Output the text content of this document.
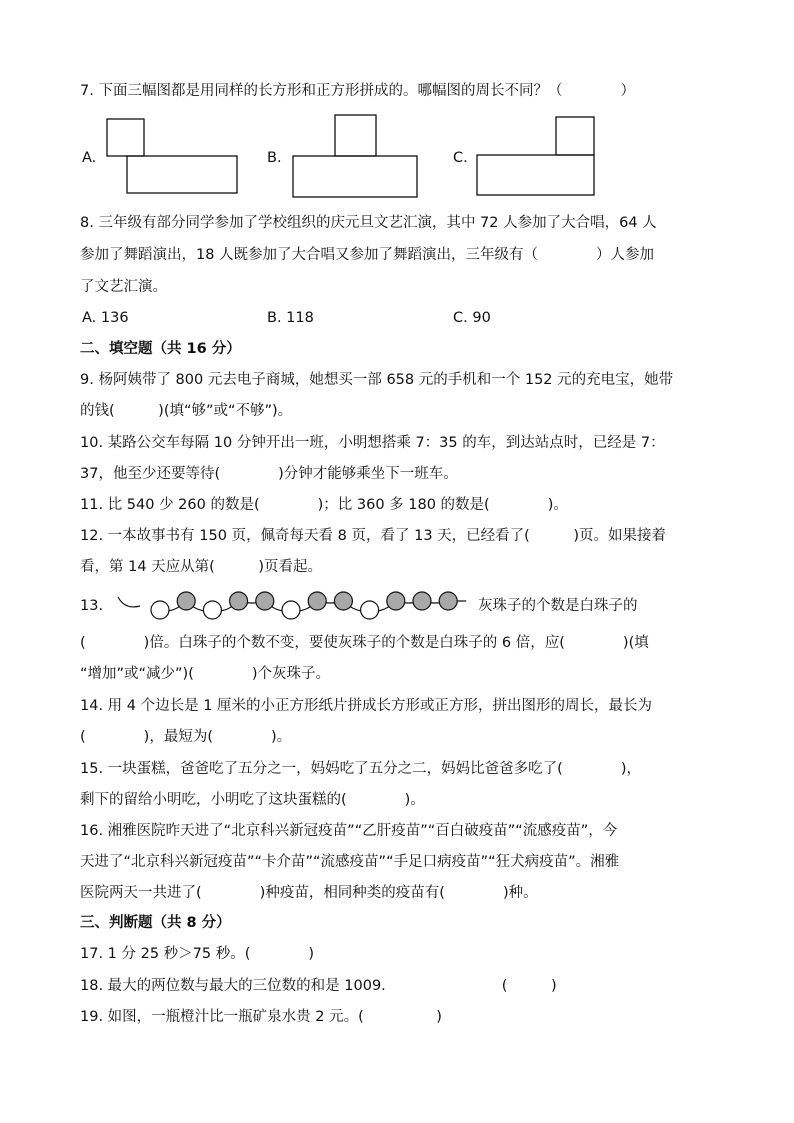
7. 下面三幅图都是用同样的长方形和正方形拼成的。哪幅图的周长不同？（　　　　）
A.	B.	C.
8. 三年级有部分同学参加了学校组织的庆元旦文艺汇演，其中 72 人参加了大合唱，64 人
参加了舞蹈演出，18 人既参加了大合唱又参加了舞蹈演出，三年级有（　　　　）人参加
了文艺汇演。
A. 136	B. 118	C. 90
二、填空题（共 16 分）
9. 杨阿姨带了 800 元去电子商城，她想买一部 658 元的手机和一个 152 元的充电宝，她带
的钱(　　　)(填“够”或“不够”)。
10. 某路公交车每隔 10 分钟开出一班，小明想搭乘 7：35 的车，到达站点时，已经是 7：
37，他至少还要等待(　　　　)分钟才能够乘坐下一班车。
11. 比 540 少 260 的数是(　　　　)；比 360 多 180 的数是(　　　　)。
12. 一本故事书有 150 页，佩奇每天看 8 页，看了 13 天，已经看了(　　　)页。如果接着
看，第 14 天应从第(　　　)页看起。
13.	灰珠子的个数是白珠子的
(　　　　)倍。白珠子的个数不变，要使灰珠子的个数是白珠子的 6 倍，应(　　　　)(填
“增加”或“减少”)(　　　　)个灰珠子。
14. 用 4 个边长是 1 厘米的小正方形纸片拼成长方形或正方形，拼出图形的周长，最长为
(　　　　)，最短为(　　　　)。
15. 一块蛋糕，爸爸吃了五分之一，妈妈吃了五分之二，妈妈比爸爸多吃了(　　　　)，
剩下的留给小明吃，小明吃了这块蛋糕的(　　　　)。
16. 湘雅医院昨天进了“北京科兴新冠疫苗”“乙肝疫苗”“百白破疫苗”“流感疫苗”，今
天进了“北京科兴新冠疫苗”“卡介苗”“流感疫苗”“手足口病疫苗”“狂犬病疫苗”。湘雅
医院两天一共进了(　　　　)种疫苗，相同种类的疫苗有(　　　　)种。
三、判断题（共 8 分）
17. 1 分 25 秒＞75 秒。(　　　　)
18. 最大的两位数与最大的三位数的和是 1009.　　　　　　　　(　　　)
19. 如图，一瓶橙汁比一瓶矿泉水贵 2 元。(　　　　　)
